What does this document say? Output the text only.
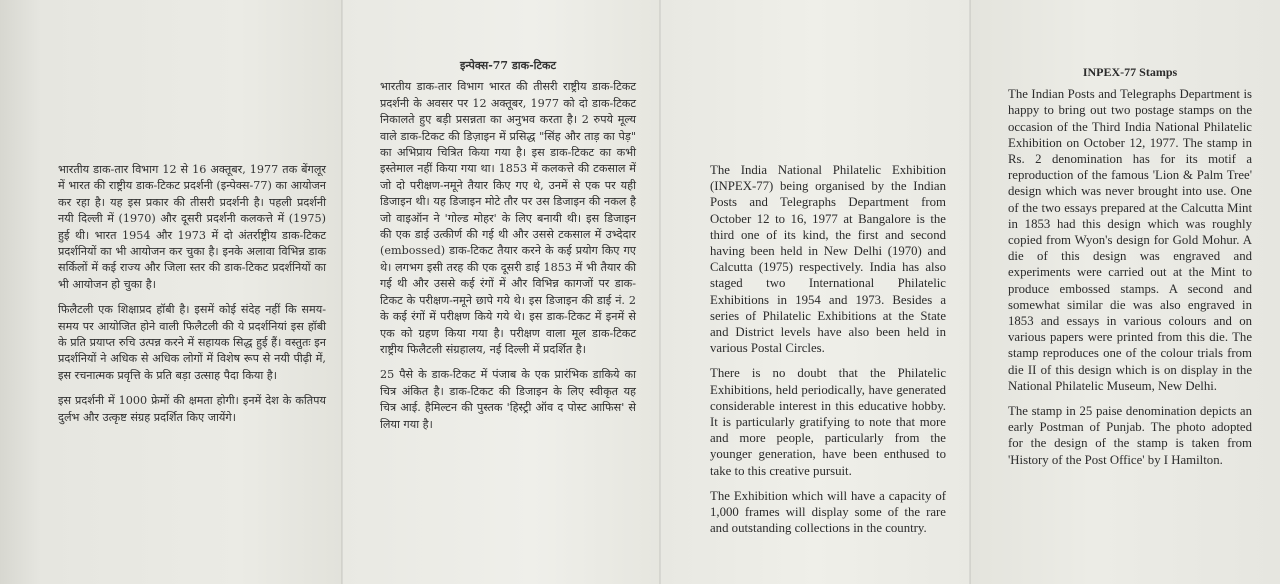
भारतीय डाक-तार विभाग 12 से 16 अक्तूबर, 1977 तक बेंगलूर में भारत की राष्ट्रीय डाक-टिकट प्रदर्शनी (इन्पेक्स-77) का आयोजन कर रहा है। यह इस प्रकार की तीसरी प्रदर्शनी है। पहली प्रदर्शनी नयी दिल्ली में (1970) और दूसरी प्रदर्शनी कलकत्ते में (1975) हुई थी। भारत 1954 और 1973 में दो अंतर्राष्ट्रीय डाक-टिकट प्रदर्शनियों का भी आयोजन कर चुका है। इनके अलावा विभिन्न डाक सर्किलों में कई राज्य और जिला स्तर की डाक-टिकट प्रदर्शनियों का भी आयोजन हो चुका है।

फिलैटली एक शिक्षाप्रद हॉबी है। इसमें कोई संदेह नहीं कि समय-समय पर आयोजित होने वाली फिलैटली की ये प्रदर्शनियां इस हॉबी के प्रति प्रयाप्त रुचि उत्पन्न करने में सहायक सिद्ध हुई हैं। वस्तुतः इन प्रदर्शनियों ने अधिक से अधिक लोगों में विशेष रूप से नयी पीढ़ी में, इस रचनात्मक प्रवृत्ति के प्रति बड़ा उत्साह पैदा किया है।

इस प्रदर्शनी में 1000 फ्रेमों की क्षमता होगी। इनमें देश के कतिपय दुर्लभ और उत्कृष्ट संग्रह प्रदर्शित किए जायेंगे।

इन्पेक्स-77 डाक-टिकट

भारतीय डाक-तार विभाग भारत की तीसरी राष्ट्रीय डाक-टिकट प्रदर्शनी के अवसर पर 12 अक्तूबर, 1977 को दो डाक-टिकट निकालते हुए बड़ी प्रसन्नता का अनुभव करता है। 2 रुपये मूल्य वाले डाक-टिकट की डिज़ाइन में प्रसिद्ध "सिंह और ताड़ का पेड़" का अभिप्राय चित्रित किया गया है। इस डाक-टिकट का कभी इस्तेमाल नहीं किया गया था। 1853 में कलकत्ते की टकसाल में जो दो परीक्षण-नमूने तैयार किए गए थे, उनमें से एक पर यही डिजाइन थी। यह डिजाइन मोटे तौर पर उस डिजाइन की नकल है जो वाइऑन ने 'गोल्ड मोहर' के लिए बनायी थी। इस डिजाइन की एक डाई उत्कीर्ण की गई थी और उससे टकसाल में उभ्देदार (embossed) डाक-टिकट तैयार करने के कई प्रयोग किए गए थे। लगभग इसी तरह की एक दूसरी डाई 1853 में भी तैयार की गई थी और उससे कई रंगों में और विभिन्न कागजों पर डाक-टिकट के परीक्षण-नमूने छापे गये थे। इस डिजाइन की डाई नं. 2 के कई रंगों में परीक्षण किये गये थे। इस डाक-टिकट में इनमें से एक को ग्रहण किया गया है। परीक्षण वाला मूल डाक-टिकट राष्ट्रीय फिलैटली संग्रहालय, नई दिल्ली में प्रदर्शित है।

25 पैसे के डाक-टिकट में पंजाब के एक प्रारंभिक डाकिये का चित्र अंकित है। डाक-टिकट की डिजाइन के लिए स्वीकृत यह चित्र आई. हैमिल्टन की पुस्तक 'हिस्ट्री ऑव द पोस्ट आफिस' से लिया गया है।

The India National Philatelic Exhibition (INPEX-77) being organised by the Indian Posts and Telegraphs Department from October 12 to 16, 1977 at Bangalore is the third one of its kind, the first and second having been held in New Delhi (1970) and Calcutta (1975) respectively. India has also staged two International Philatelic Exhibitions in 1954 and 1973. Besides a series of Philatelic Exhibitions at the State and District levels have also been held in various Postal Circles.

There is no doubt that the Philatelic Exhibitions, held periodically, have generated considerable interest in this educative hobby. It is particularly gratifying to note that more and more people, particularly from the younger generation, have been enthused to take to this creative pursuit.

The Exhibition which will have a capacity of 1,000 frames will display some of the rare and outstanding collections in the country.

INPEX-77 Stamps

The Indian Posts and Telegraphs Department is happy to bring out two postage stamps on the occasion of the Third India National Philatelic Exhibition on October 12, 1977. The stamp in Rs. 2 denomination has for its motif a reproduction of the famous 'Lion & Palm Tree' design which was never brought into use. One of the two essays prepared at the Calcutta Mint in 1853 had this design which was roughly copied from Wyon's design for Gold Mohur. A die of this design was engraved and experiments were carried out at the Mint to produce embossed stamps. A second and somewhat similar die was also engraved in 1853 and essays in various colours and on various papers were printed from this die. The stamp reproduces one of the colour trials from die II of this design which is on display in the National Philatelic Museum, New Delhi.

The stamp in 25 paise denomination depicts an early Postman of Punjab. The photo adopted for the design of the stamp is taken from 'History of the Post Office' by I Hamilton.
